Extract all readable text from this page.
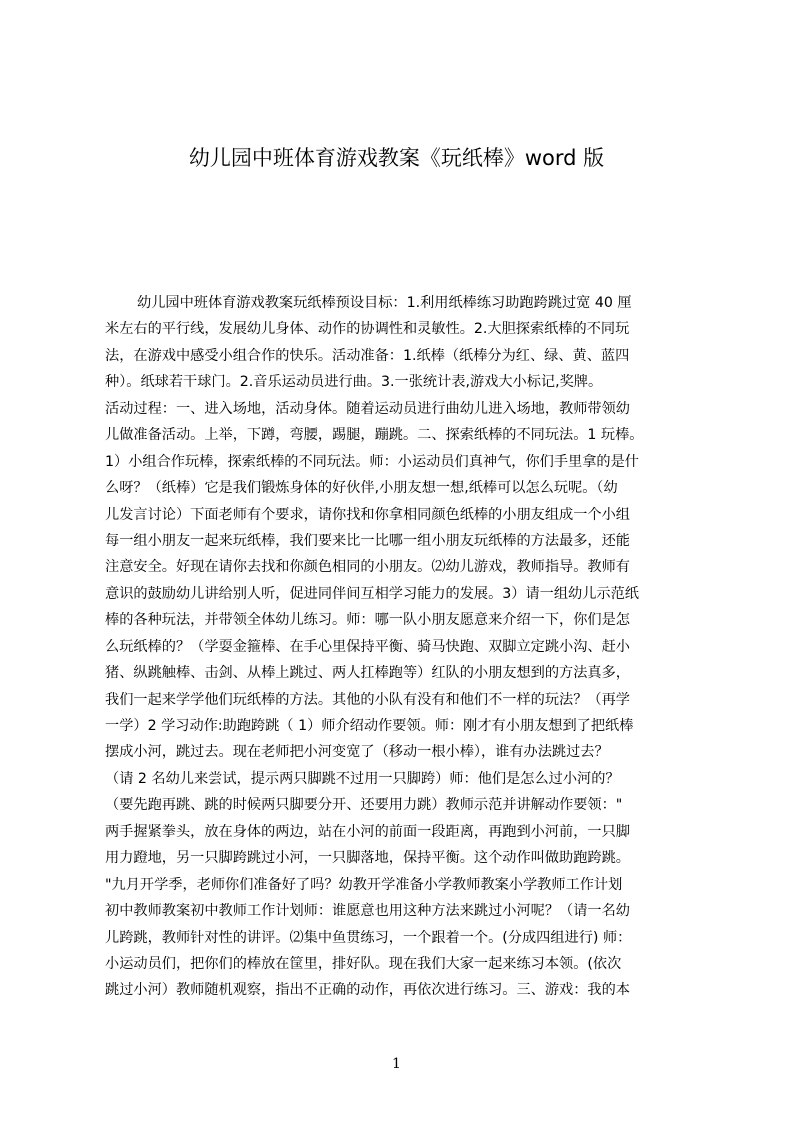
幼儿园中班体育游戏教案《玩纸棒》word 版
幼儿园中班体育游戏教案玩纸棒预设目标：1.利用纸棒练习助跑跨跳过宽 40 厘
米左右的平行线，发展幼儿身体、动作的协调性和灵敏性。2.大胆探索纸棒的不同玩
法，在游戏中感受小组合作的快乐。活动准备：1.纸棒（纸棒分为红、绿、黄、蓝四
种）。纸球若干球门。2.音乐运动员进行曲。3.一张统计表,游戏大小标记,奖牌。
活动过程：一、进入场地，活动身体。随着运动员进行曲幼儿进入场地，教师带领幼
儿做准备活动。上举，下蹲，弯腰，踢腿，蹦跳。二、探索纸棒的不同玩法。1 玩棒。
1）小组合作玩棒，探索纸棒的不同玩法。师：小运动员们真神气，你们手里拿的是什
么呀？（纸棒）它是我们锻炼身体的好伙伴,小朋友想一想,纸棒可以怎么玩呢。（幼
儿发言讨论）下面老师有个要求，请你找和你拿相同颜色纸棒的小朋友组成一个小组
每一组小朋友一起来玩纸棒，我们要来比一比哪一组小朋友玩纸棒的方法最多，还能
注意安全。好现在请你去找和你颜色相同的小朋友。⑵幼儿游戏，教师指导。教师有
意识的鼓励幼儿讲给别人听，促进同伴间互相学习能力的发展。3）请一组幼儿示范纸
棒的各种玩法，并带领全体幼儿练习。师：哪一队小朋友愿意来介绍一下，你们是怎
么玩纸棒的？（学耍金箍棒、在手心里保持平衡、骑马快跑、双脚立定跳小沟、赶小
猪、纵跳触棒、击剑、从棒上跳过、两人扛棒跑等）红队的小朋友想到的方法真多，
我们一起来学学他们玩纸棒的方法。其他的小队有没有和他们不一样的玩法？（再学
一学）2 学习动作:助跑跨跳（ 1）师介绍动作要领。师：刚才有小朋友想到了把纸棒
摆成小河，跳过去。现在老师把小河变宽了（移动一根小棒），谁有办法跳过去？
（请 2 名幼儿来尝试，提示两只脚跳不过用一只脚跨）师：他们是怎么过小河的？
（要先跑再跳、跳的时候两只脚要分开、还要用力跳）教师示范并讲解动作要领："
两手握紧拳头，放在身体的两边，站在小河的前面一段距离，再跑到小河前，一只脚
用力蹬地，另一只脚跨跳过小河，一只脚落地，保持平衡。这个动作叫做助跑跨跳。
"九月开学季，老师你们准备好了吗？幼教开学准备小学教师教案小学教师工作计划
初中教师教案初中教师工作计划师：谁愿意也用这种方法来跳过小河呢？（请一名幼
儿跨跳，教师针对性的讲评。⑵集中鱼贯练习，一个跟着一个。(分成四组进行) 师：
小运动员们，把你们的棒放在筐里，排好队。现在我们大家一起来练习本领。(依次
跳过小河）教师随机观察，指出不正确的动作，再依次进行练习。三、游戏：我的本
1
